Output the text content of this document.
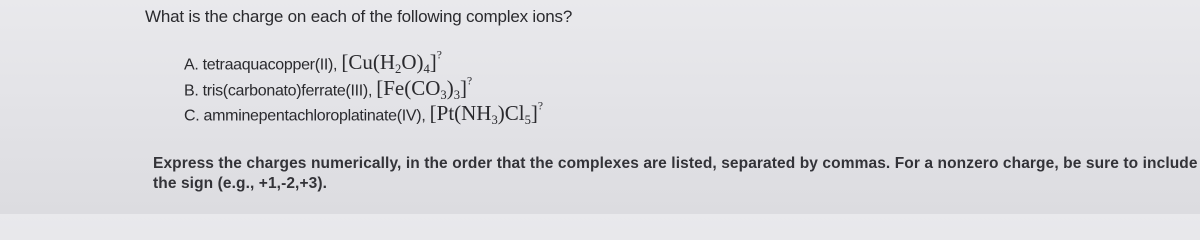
What is the charge on each of the following complex ions?
A. tetraaquacopper(II), $[Cu(H_2O)_4]^?$
B. tris(carbonato)ferrate(III), $[Fe(CO_3)_3]^?$
C. amminepentachloroplatinate(IV), $[Pt(NH_3)Cl_5]^?$
Express the charges numerically, in the order that the complexes are listed, separated by commas. For a nonzero charge, be sure to include the sign (e.g., +1,-2,+3).
